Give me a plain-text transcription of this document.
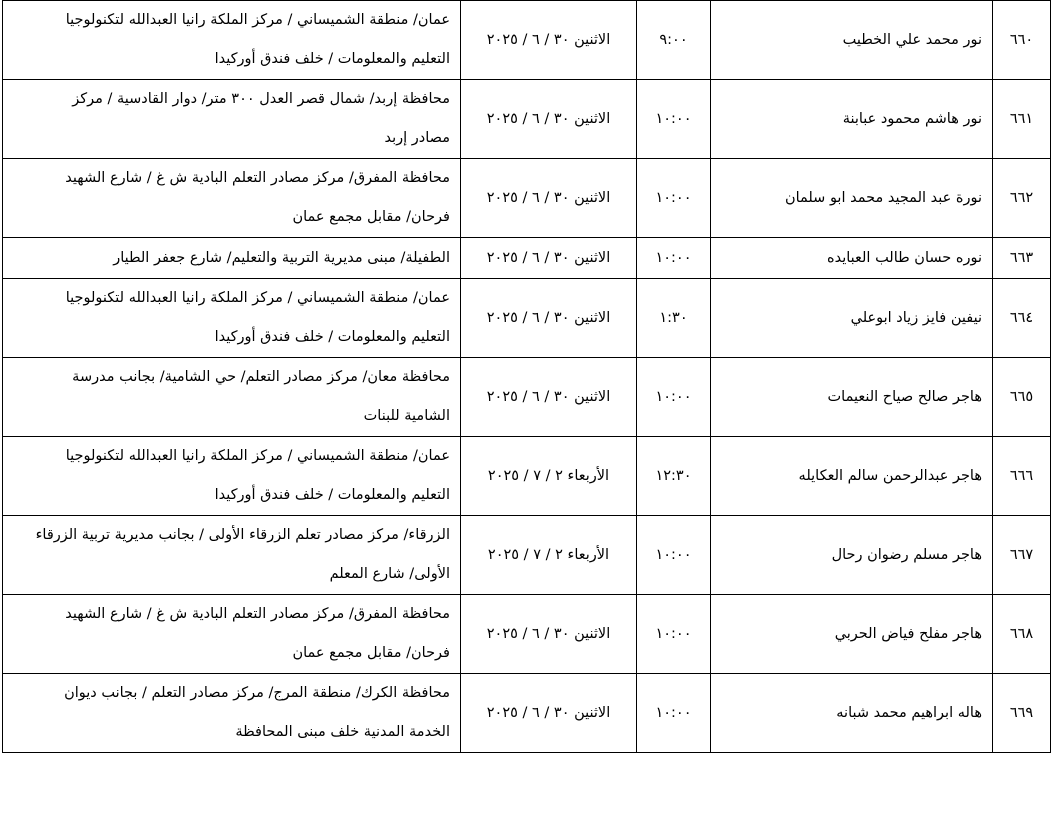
٦٦٠	نور محمد علي الخطيب	٩:٠٠	الاثنين ٣٠ / ٦ / ٢٠٢٥	عمان/ منطقة الشميساني / مركز الملكة رانيا العبدالله لتكنولوجيا
التعليم والمعلومات / خلف فندق أوركيدا

٦٦١	نور هاشم محمود عبابنة	١٠:٠٠	الاثنين ٣٠ / ٦ / ٢٠٢٥	محافظة إربد/ شمال قصر العدل ٣٠٠ متر/ دوار القادسية / مركز
مصادر إربد

٦٦٢	نورة عبد المجيد محمد ابو سلمان	١٠:٠٠	الاثنين ٣٠ / ٦ / ٢٠٢٥	محافظة المفرق/ مركز مصادر التعلم البادية ش غ / شارع الشهيد
فرحان/ مقابل مجمع عمان

٦٦٣	نوره حسان طالب العبايده	١٠:٠٠	الاثنين ٣٠ / ٦ / ٢٠٢٥	الطفيلة/ مبنى مديرية التربية والتعليم/ شارع جعفر الطيار

٦٦٤	نيفين فايز زياد ابوعلي	١:٣٠	الاثنين ٣٠ / ٦ / ٢٠٢٥	عمان/ منطقة الشميساني / مركز الملكة رانيا العبدالله لتكنولوجيا
التعليم والمعلومات / خلف فندق أوركيدا

٦٦٥	هاجر صالح صياح النعيمات	١٠:٠٠	الاثنين ٣٠ / ٦ / ٢٠٢٥	محافظة معان/ مركز مصادر التعلم/ حي الشامية/ بجانب مدرسة
الشامية للبنات

٦٦٦	هاجر عبدالرحمن سالم العكايله	١٢:٣٠	الأربعاء ٢ / ٧ / ٢٠٢٥	عمان/ منطقة الشميساني / مركز الملكة رانيا العبدالله لتكنولوجيا
التعليم والمعلومات / خلف فندق أوركيدا

٦٦٧	هاجر مسلم رضوان رحال	١٠:٠٠	الأربعاء ٢ / ٧ / ٢٠٢٥	الزرقاء/ مركز مصادر تعلم الزرقاء الأولى / بجانب مديرية تربية الزرقاء
الأولى/ شارع المعلم

٦٦٨	هاجر مفلح فياض الحربي	١٠:٠٠	الاثنين ٣٠ / ٦ / ٢٠٢٥	محافظة المفرق/ مركز مصادر التعلم البادية ش غ / شارع الشهيد
فرحان/ مقابل مجمع عمان

٦٦٩	هاله ابراهيم محمد شبانه	١٠:٠٠	الاثنين ٣٠ / ٦ / ٢٠٢٥	محافظة الكرك/ منطقة المرج/ مركز مصادر التعلم / بجانب ديوان
الخدمة المدنية خلف مبنى المحافظة
